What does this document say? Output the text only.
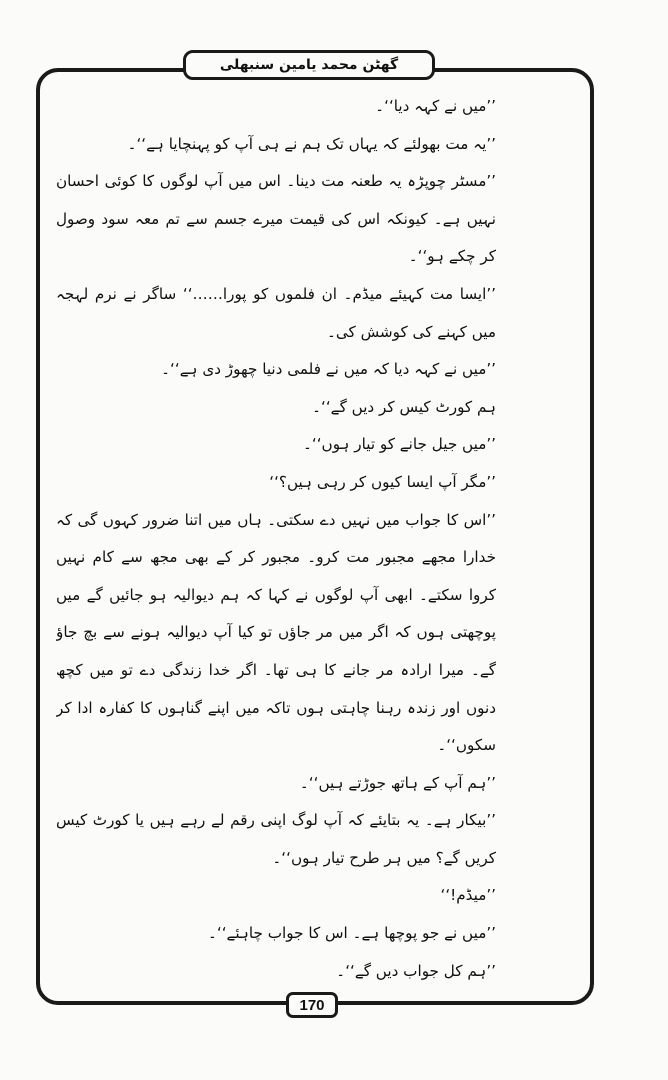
گھٹن محمد یامین سنبھلی

’’میں نے کہہ دیا‘‘۔

’’یہ مت بھولئے کہ یہاں تک ہم نے ہی آپ کو پہنچایا ہے‘‘۔

’’مسٹر چوپڑہ یہ طعنہ مت دینا۔ اس میں آپ لوگوں کا کوئی احسان نہیں ہے۔ کیونکہ اس کی قیمت میرے جسم سے تم معہ سود وصول کر چکے ہو‘‘۔

’’ایسا مت کہیئے میڈم۔ ان فلموں کو پورا……‘‘ ساگر نے نرم لہجہ میں کہنے کی کوشش کی۔

’’میں نے کہہ دیا کہ میں نے فلمی دنیا چھوڑ دی ہے‘‘۔

ہم کورٹ کیس کر دیں گے‘‘۔

’’میں جیل جانے کو تیار ہوں‘‘۔

’’مگر آپ ایسا کیوں کر رہی ہیں؟‘‘

’’اس کا جواب میں نہیں دے سکتی۔ ہاں میں اتنا ضرور کہوں گی کہ خدارا مجھے مجبور مت کرو۔ مجبور کر کے بھی مجھ سے کام نہیں کروا سکتے۔ ابھی آپ لوگوں نے کہا کہ ہم دیوالیہ ہو جائیں گے میں پوچھتی ہوں کہ اگر میں مر جاؤں تو کیا آپ دیوالیہ ہونے سے بچ جاؤ گے۔ میرا ارادہ مر جانے کا ہی تھا۔ اگر خدا زندگی دے تو میں کچھ دنوں اور زندہ رہنا چاہتی ہوں تاکہ میں اپنے گناہوں کا کفارہ ادا کر سکوں‘‘۔

’’ہم آپ کے ہاتھ جوڑتے ہیں‘‘۔

’’بیکار ہے۔ یہ بتایئے کہ آپ لوگ اپنی رقم لے رہے ہیں یا کورٹ کیس کریں گے؟ میں ہر طرح تیار ہوں‘‘۔

’’میڈم!‘‘

’’میں نے جو پوچھا ہے۔ اس کا جواب چاہئے‘‘۔

’’ہم کل جواب دیں گے‘‘۔

170
